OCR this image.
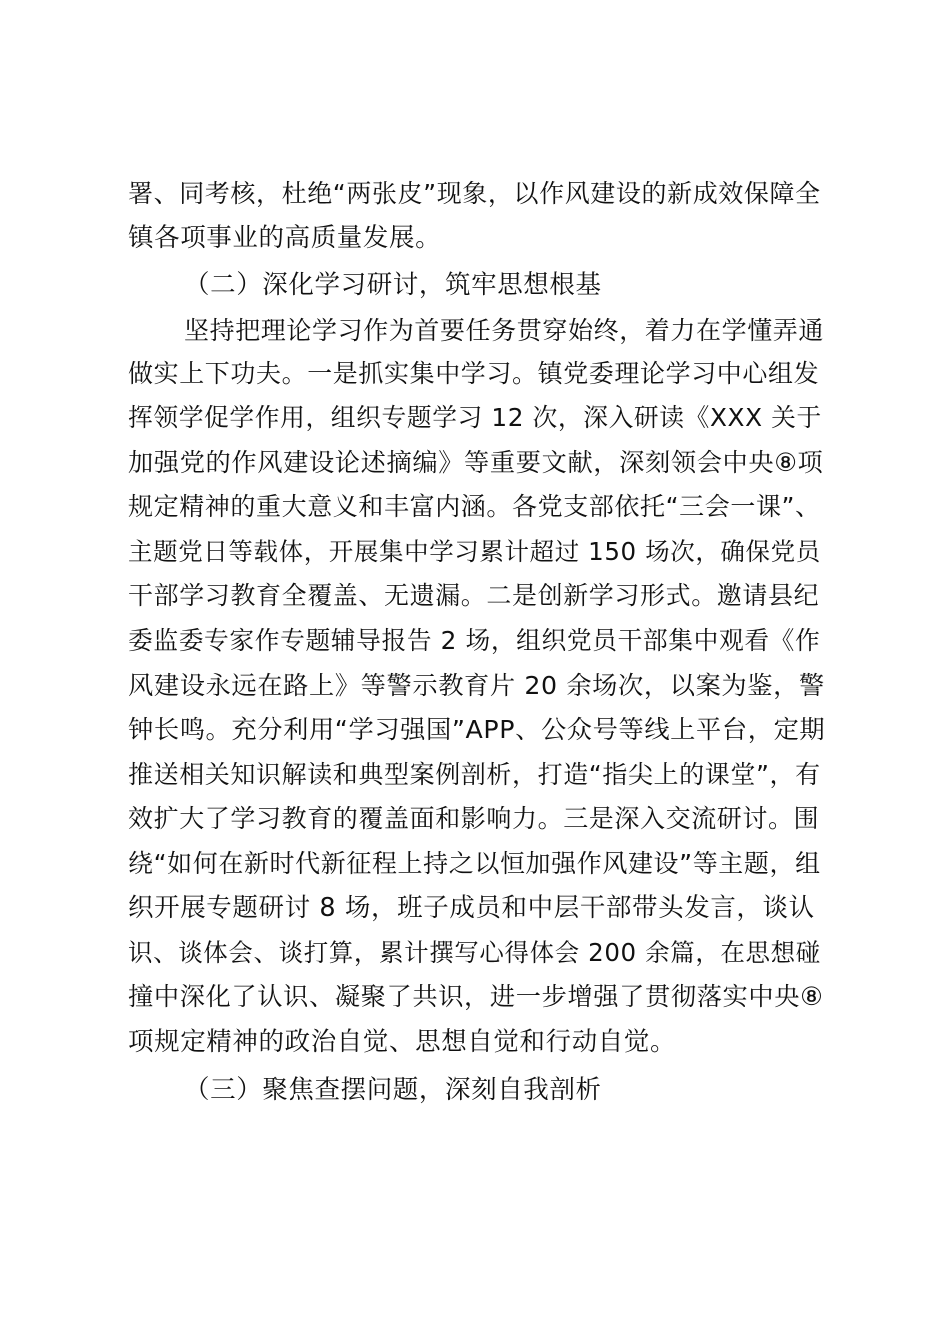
署、同考核，杜绝“两张皮”现象，以作风建设的新成效保障全
镇各项事业的高质量发展。
（二）深化学习研讨，筑牢思想根基
坚持把理论学习作为首要任务贯穿始终，着力在学懂弄通
做实上下功夫。一是抓实集中学习。镇党委理论学习中心组发
挥领学促学作用，组织专题学习 12 次，深入研读《XXX 关于
加强党的作风建设论述摘编》等重要文献，深刻领会中央⑧项
规定精神的重大意义和丰富内涵。各党支部依托“三会一课”、
主题党日等载体，开展集中学习累计超过 150 场次，确保党员
干部学习教育全覆盖、无遗漏。二是创新学习形式。邀请县纪
委监委专家作专题辅导报告 2 场，组织党员干部集中观看《作
风建设永远在路上》等警示教育片 20 余场次，以案为鉴，警
钟长鸣。充分利用“学习强国”APP、公众号等线上平台，定期
推送相关知识解读和典型案例剖析，打造“指尖上的课堂”，有
效扩大了学习教育的覆盖面和影响力。三是深入交流研讨。围
绕“如何在新时代新征程上持之以恒加强作风建设”等主题，组
织开展专题研讨 8 场，班子成员和中层干部带头发言，谈认
识、谈体会、谈打算，累计撰写心得体会 200 余篇，在思想碰
撞中深化了认识、凝聚了共识，进一步增强了贯彻落实中央⑧
项规定精神的政治自觉、思想自觉和行动自觉。
（三）聚焦查摆问题，深刻自我剖析
